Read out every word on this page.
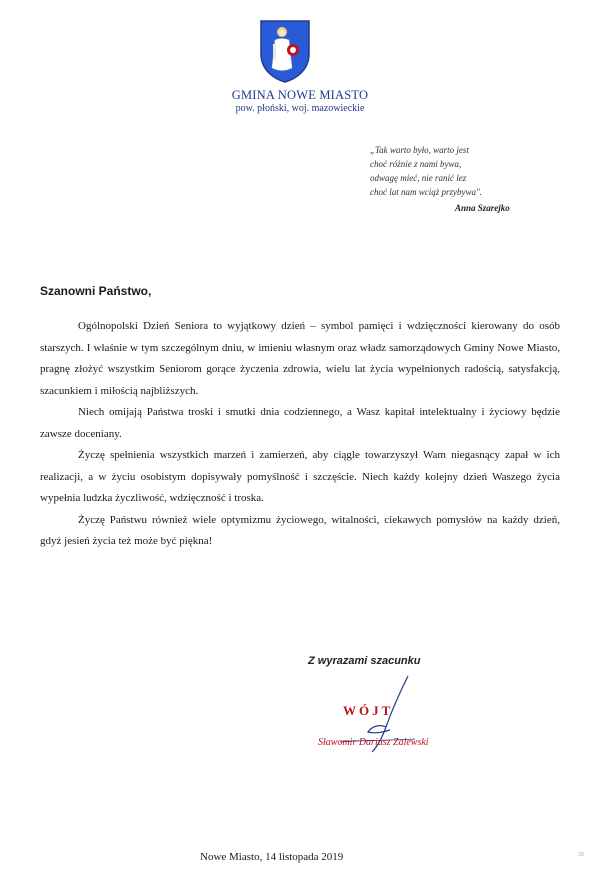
GMINA NOWE MIASTO
pow. płoński, woj. mazowieckie
„Tak warto było, warto jest
choć różnie z nami bywa,
odwagę mieć, nie ranić lez
choć lat nam wciąż przybywa".
Anna Szarejko
Szanowni Państwo,

Ogólnopolski Dzień Seniora to wyjątkowy dzień – symbol pamięci i wdzięczności kierowany do osób starszych. I właśnie w tym szczególnym dniu, w imieniu własnym oraz władz samorządowych Gminy Nowe Miasto, pragnę złożyć wszystkim Seniorom gorące życzenia zdrowia, wielu lat życia wypełnionych radością, satysfakcją, szacunkiem i miłością najbliższych.

Niech omijają Państwa troski i smutki dnia codziennego, a Wasz kapitał intelektualny i życiowy będzie zawsze doceniany.

Życzę spełnienia wszystkich marzeń i zamierzeń, aby ciągle towarzyszył Wam niegasnący zapał w ich realizacji, a w życiu osobistym dopisywały pomyślność i szczęście. Niech każdy kolejny dzień Waszego życia wypełnia ludzka życzliwość, wdzięczność i troska.

Życzę Państwu również wiele optymizmu życiowego, witalności, ciekawych pomysłów na każdy dzień, gdyż jesień życia też może być piękna!

Z wyrazami szacunku
WÓJT
Sławomir Dariusz Zalewski
Nowe Miasto, 14 listopada 2019	20
